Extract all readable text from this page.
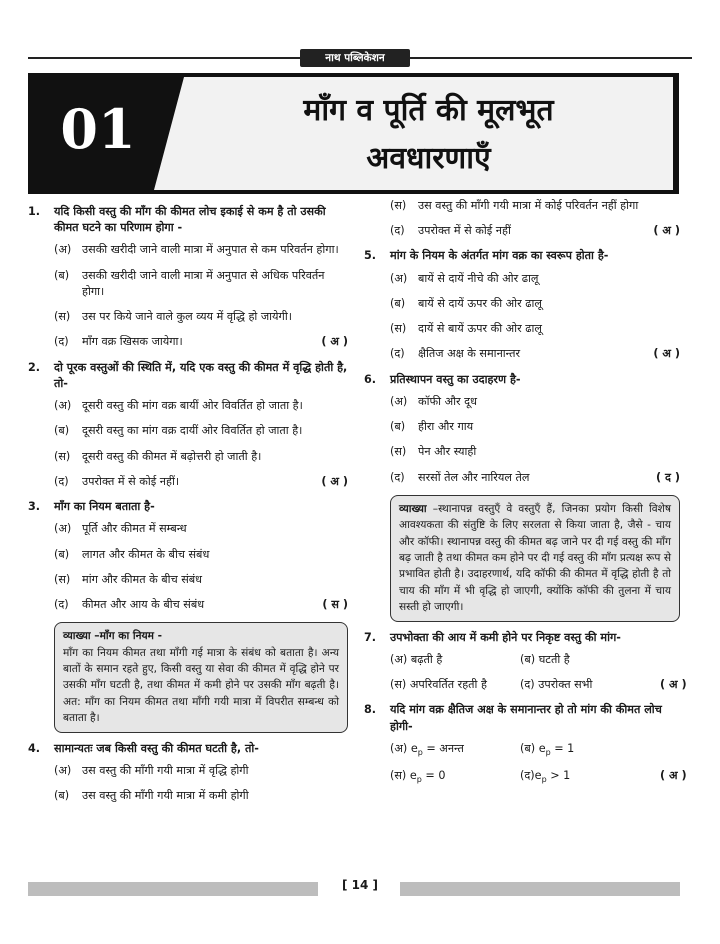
नाथ पब्लिकेशन
01	माँग व पूर्ति की मूलभूत
अवधारणाएँ
1.	यदि किसी वस्तु की माँग की कीमत लोच इकाई से कम है तो उसकी कीमत घटने का परिणाम होगा -
(अ) उसकी खरीदी जाने वाली मात्रा में अनुपात से कम परिवर्तन होगा।
(ब)	उसकी खरीदी जाने वाली मात्रा में अनुपात से अधिक परिवर्तन होगा।
(स)	उस पर किये जाने वाले कुल व्यय में वृद्धि हो जायेगी।
(द)	माँग वक्र खिसक जायेगा।	( अ )
2.	दो पूरक वस्तुओं की स्थिति में, यदि एक वस्तु की कीमत में वृद्धि होती है, तो-
(अ) दूसरी वस्तु की मांग वक्र बायीं ओर विवर्तित हो जाता है।
(ब)	दूसरी वस्तु का मांग वक्र दायीं ओर विवर्तित हो जाता है।
(स)	दूसरी वस्तु की कीमत में बढ़ोत्तरी हो जाती है।
(द)	उपरोक्त में से कोई नहीं।	( अ )
3.	माँग का नियम बताता है-
(अ) पूर्ति और कीमत में सम्बन्ध
(ब)	लागत और कीमत के बीच संबंध
(स)	मांग और कीमत के बीच संबंध
(द)	कीमत और आय के बीच संबंध	( स )
व्याख्या –माँग का नियम -
माँग का नियम कीमत तथा माँगी गई मात्रा के संबंध को बताता है। अन्य बातों के समान रहते हुए, किसी वस्तु या सेवा की कीमत में वृद्धि होने पर उसकी माँग घटती है, तथा कीमत में कमी होने पर उसकी माँग बढ़ती है। अत: माँग का नियम कीमत तथा माँगी गयी मात्रा में विपरीत सम्बन्ध को बताता है।
4.	सामान्यतः जब किसी वस्तु की कीमत घटती है, तो-
(अ) उस वस्तु की माँगी गयी मात्रा में वृद्धि होगी
(ब)	उस वस्तु की माँगी गयी मात्रा में कमी होगी
(स)	उस वस्तु की माँगी गयी मात्रा में कोई परिवर्तन नहीं होगा
(द)	उपरोक्त में से कोई नहीं	( अ )
5.	मांग के नियम के अंतर्गत मांग वक्र का स्वरूप होता है-
(अ) बायें से दायें नीचे की ओर ढालू
(ब)	बायें से दायें ऊपर की ओर ढालू
(स)	दायें से बायें ऊपर की ओर ढालू
(द)	क्षैतिज अक्ष के समानान्तर	( अ )
6.	प्रतिस्थापन वस्तु का उदाहरण है-
(अ) कॉफी और दूध
(ब)	हीरा और गाय
(स)	पेन और स्याही
(द)	सरसों तेल और नारियल तेल	( द )
व्याख्या –स्थानापन्न वस्तुएँ वे वस्तुएँ हैं, जिनका प्रयोग किसी विशेष आवश्यकता की संतुष्टि के लिए सरलता से किया जाता है, जैसे - चाय और कॉफी। स्थानापन्न वस्तु की कीमत बढ़ जाने पर दी गई वस्तु की माँग बढ़ जाती है तथा कीमत कम होने पर दी गई वस्तु की माँग प्रत्यक्ष रूप से प्रभावित होती है। उदाहरणार्थ, यदि कॉफी की कीमत में वृद्धि होती है तो चाय की माँग में भी वृद्धि हो जाएगी, क्योंकि कॉफी की तुलना में चाय सस्ती हो जाएगी।
7.	उपभोक्ता की आय में कमी होने पर निकृष्ट वस्तु की मांग-
(अ) बढ़ती है	(ब) घटती है
(स) अपरिवर्तित रहती है	(द) उपरोक्त सभी	( अ )
8.	यदि मांग वक्र क्षैतिज अक्ष के समानान्तर हो तो मांग की कीमत लोच होगी-
(अ) $e_p$ = अनन्त	(ब) $e_p = 1$
(स) $e_p = 0$	$(द)e_p > 1$	( अ )
[ 14 ]
